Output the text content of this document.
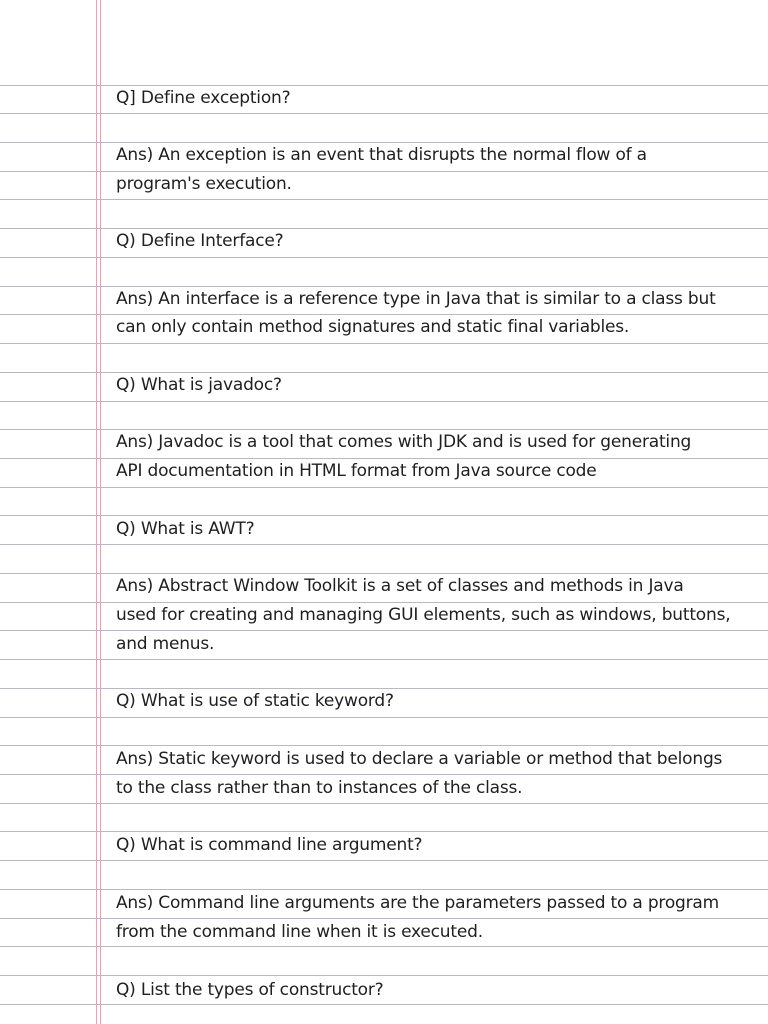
Q] Define exception?
Ans) An exception is an event that disrupts the normal flow of a
program's execution.
Q) Define Interface?
Ans) An interface is a reference type in Java that is similar to a class but
can only contain method signatures and static final variables.
Q) What is javadoc?
Ans) Javadoc is a tool that comes with JDK and is used for generating
API documentation in HTML format from Java source code
Q) What is AWT?
Ans) Abstract Window Toolkit is a set of classes and methods in Java
used for creating and managing GUI elements, such as windows, buttons,
and menus.
Q) What is use of static keyword?
Ans) Static keyword is used to declare a variable or method that belongs
to the class rather than to instances of the class.
Q) What is command line argument?
Ans) Command line arguments are the parameters passed to a program
from the command line when it is executed.
Q) List the types of constructor?
